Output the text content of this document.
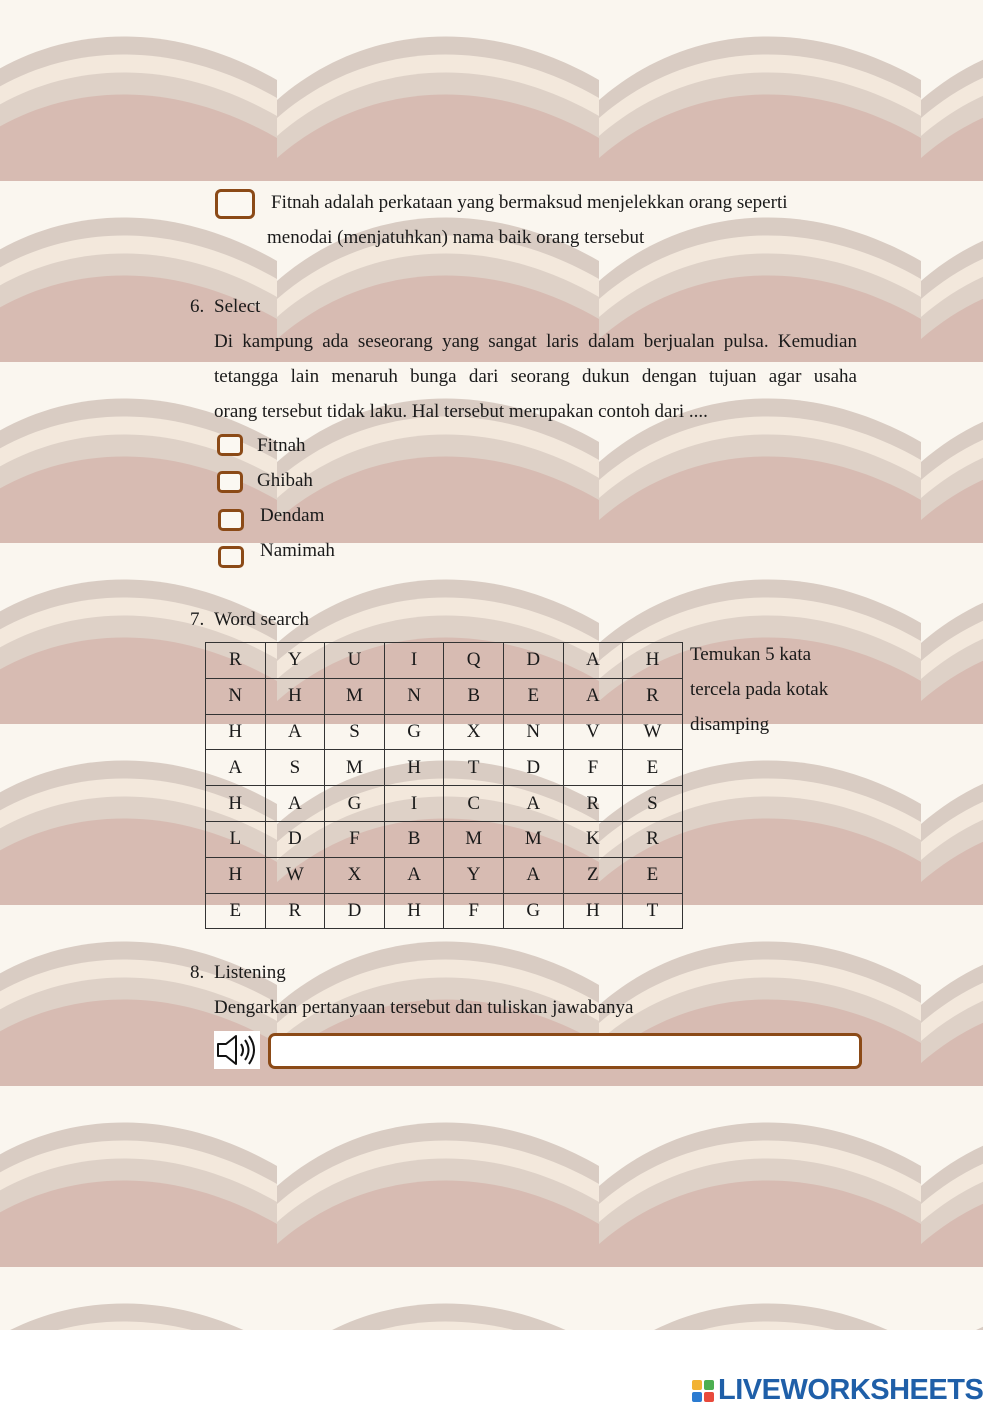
Fitnah adalah perkataan yang bermaksud menjelekkan orang seperti
menodai (menjatuhkan) nama baik orang tersebut
6. Select
Di kampung ada seseorang yang sangat laris dalam berjualan pulsa. Kemudian
tetangga lain menaruh bunga dari seorang dukun dengan tujuan agar usaha
orang tersebut tidak laku. Hal tersebut merupakan contoh dari ....
Fitnah
Ghibah
Dendam
Namimah
7. Word search
R	Y	U	I	Q	D	A	H
N	H	M	N	B	E	A	R
H	A	S	G	X	N	V	W
A	S	M	H	T	D	F	E
H	A	G	I	C	A	R	S
L	D	F	B	M	M	K	R
H	W	X	A	Y	A	Z	E
E	R	D	H	F	G	H	T
Temukan 5 kata
tercela pada kotak
disamping
8. Listening
Dengarkan pertanyaan tersebut dan tuliskan jawabanya
LIVEWORKSHEETS
